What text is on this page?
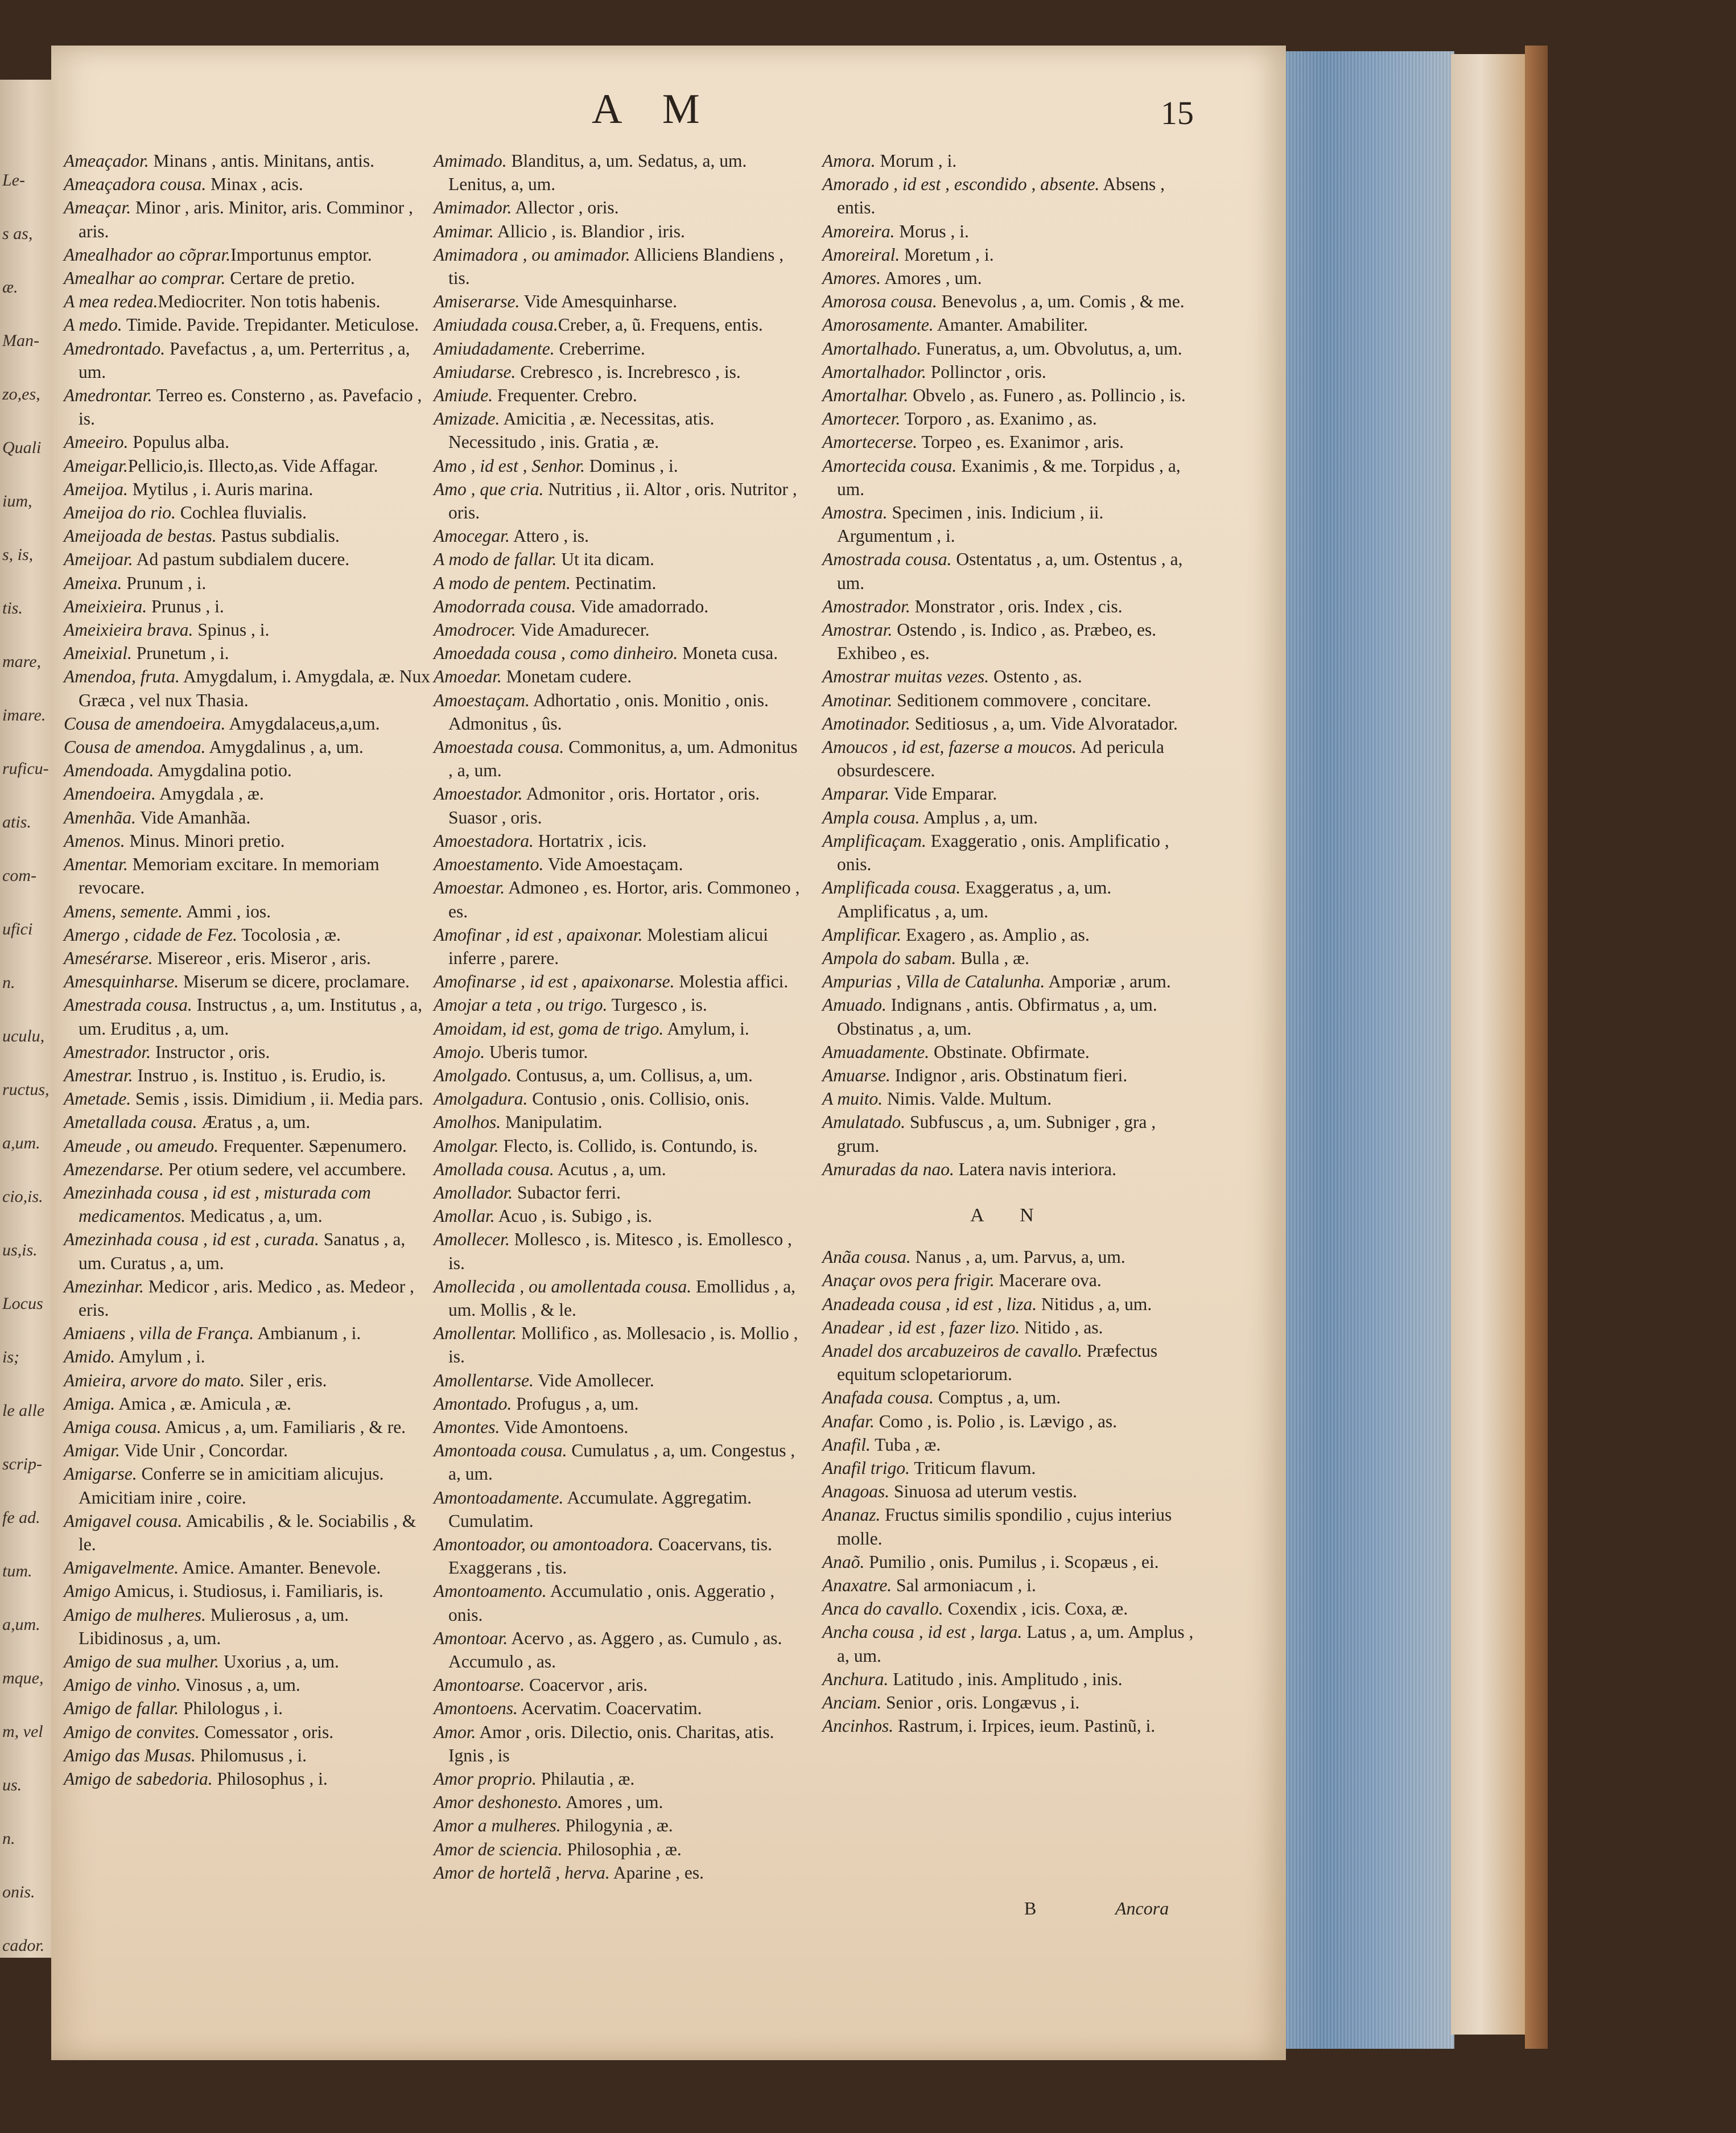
Le-
s as,
æ.
Man-
zo,es,
Quali
ium,
s, is,
tis.
mare,
imare.
ruficu-
atis.
com-
ufici
n.
uculu,
ructus,
a,um.
cio,is.
us,is.
Locus
is;
le alle
scrip-
fe ad.
tum.
a,um.
mque,
m, vel
us.
n.
onis.
cador.
A M	15

Ameaçador. Minans , antis. Minitans, antis.

Ameaçadora cousa. Minax , acis.

Ameaçar. Minor , aris. Minitor, aris. Comminor , aris.

Amealhador ao cõprar.Importunus emptor.

Amealhar ao comprar. Certare de pretio.

A mea redea.Mediocriter. Non totis habenis.

A medo. Timide. Pavide. Trepidanter. Meticulose.

Amedrontado. Pavefactus , a, um. Perterritus , a, um.

Amedrontar. Terreo es. Consterno , as. Pavefacio , is.

Ameeiro. Populus alba.

Ameigar.Pellicio,is. Illecto,as. Vide Affagar.

Ameijoa. Mytilus , i. Auris marina.

Ameijoa do rio. Cochlea fluvialis.

Ameijoada de bestas. Pastus subdialis.

Ameijoar. Ad pastum subdialem ducere.

Ameixa. Prunum , i.

Ameixieira. Prunus , i.

Ameixieira brava. Spinus , i.

Ameixial. Prunetum , i.

Amendoa, fruta. Amygdalum, i. Amygdala, æ. Nux Græca , vel nux Thasia.

Cousa de amendoeira. Amygdalaceus,a,um.

Cousa de amendoa. Amygdalinus , a, um.

Amendoada. Amygdalina potio.

Amendoeira. Amygdala , æ.

Amenhãa. Vide Amanhãa.

Amenos. Minus. Minori pretio.

Amentar. Memoriam excitare. In memoriam revocare.

Amens, semente. Ammi , ios.

Amergo , cidade de Fez. Tocolosia , æ.

Amesérarse. Misereor , eris. Miseror , aris.

Amesquinharse. Miserum se dicere, proclamare.

Amestrada cousa. Instructus , a, um. Institutus , a, um. Eruditus , a, um.

Amestrador. Instructor , oris.

Amestrar. Instruo , is. Instituo , is. Erudio, is.

Ametade. Semis , issis. Dimidium , ii. Media pars.

Ametallada cousa. Æratus , a, um.

Ameude , ou ameudo. Frequenter. Sæpenumero.

Amezendarse. Per otium sedere, vel accumbere.

Amezinhada cousa , id est , misturada com medicamentos. Medicatus , a, um.

Amezinhada cousa , id est , curada. Sanatus , a, um. Curatus , a, um.

Amezinhar. Medicor , aris. Medico , as. Medeor , eris.

Amiaens , villa de França. Ambianum , i.

Amido. Amylum , i.

Amieira, arvore do mato. Siler , eris.

Amiga. Amica , æ. Amicula , æ.

Amiga cousa. Amicus , a, um. Familiaris , & re.

Amigar. Vide Unir , Concordar.

Amigarse. Conferre se in amicitiam alicujus. Amicitiam inire , coire.

Amigavel cousa. Amicabilis , & le. Sociabilis , & le.

Amigavelmente. Amice. Amanter. Benevole.

Amigo Amicus, i. Studiosus, i. Familiaris, is.

Amigo de mulheres. Mulierosus , a, um. Libidinosus , a, um.

Amigo de sua mulher. Uxorius , a, um.

Amigo de vinho. Vinosus , a, um.

Amigo de fallar. Philologus , i.

Amigo de convites. Comessator , oris.

Amigo das Musas. Philomusus , i.

Amigo de sabedoria. Philosophus , i.

Amimado. Blanditus, a, um. Sedatus, a, um. Lenitus, a, um.

Amimador. Allector , oris.

Amimar. Allicio , is. Blandior , iris.

Amimadora , ou amimador. Alliciens Blandiens , tis.

Amiserarse. Vide Amesquinharse.

Amiudada cousa.Creber, a, ũ. Frequens, entis.

Amiudadamente. Creberrime.

Amiudarse. Crebresco , is. Increbresco , is.

Amiude. Frequenter. Crebro.

Amizade. Amicitia , æ. Necessitas, atis. Necessitudo , inis. Gratia , æ.

Amo , id est , Senhor. Dominus , i.

Amo , que cria. Nutritius , ii. Altor , oris. Nutritor , oris.

Amocegar. Attero , is.

A modo de fallar. Ut ita dicam.

A modo de pentem. Pectinatim.

Amodorrada cousa. Vide amadorrado.

Amodrocer. Vide Amadurecer.

Amoedada cousa , como dinheiro. Moneta cusa.

Amoedar. Monetam cudere.

Amoestaçam. Adhortatio , onis. Monitio , onis. Admonitus , ûs.

Amoestada cousa. Commonitus, a, um. Admonitus , a, um.

Amoestador. Admonitor , oris. Hortator , oris. Suasor , oris.

Amoestadora. Hortatrix , icis.

Amoestamento. Vide Amoestaçam.

Amoestar. Admoneo , es. Hortor, aris. Commoneo , es.

Amofinar , id est , apaixonar. Molestiam alicui inferre , parere.

Amofinarse , id est , apaixonarse. Molestia affici.

Amojar a teta , ou trigo. Turgesco , is.

Amoidam, id est, goma de trigo. Amylum, i.

Amojo. Uberis tumor.

Amolgado. Contusus, a, um. Collisus, a, um.

Amolgadura. Contusio , onis. Collisio, onis.

Amolhos. Manipulatim.

Amolgar. Flecto, is. Collido, is. Contundo, is.

Amollada cousa. Acutus , a, um.

Amollador. Subactor ferri.

Amollar. Acuo , is. Subigo , is.

Amollecer. Mollesco , is. Mitesco , is. Emollesco , is.

Amollecida , ou amollentada cousa. Emollidus , a, um. Mollis , & le.

Amollentar. Mollifico , as. Mollesacio , is. Mollio , is.

Amollentarse. Vide Amollecer.

Amontado. Profugus , a, um.

Amontes. Vide Amontoens.

Amontoada cousa. Cumulatus , a, um. Congestus , a, um.

Amontoadamente. Accumulate. Aggregatim. Cumulatim.

Amontoador, ou amontoadora. Coacervans, tis. Exaggerans , tis.

Amontoamento. Accumulatio , onis. Aggeratio , onis.

Amontoar. Acervo , as. Aggero , as. Cumulo , as. Accumulo , as.

Amontoarse. Coacervor , aris.

Amontoens. Acervatim. Coacervatim.

Amor. Amor , oris. Dilectio, onis. Charitas, atis. Ignis , is

Amor proprio. Philautia , æ.

Amor deshonesto. Amores , um.

Amor a mulheres. Philogynia , æ.

Amor de sciencia. Philosophia , æ.

Amor de hortelã , herva. Aparine , es.

Amora. Morum , i.

Amorado , id est , escondido , absente. Absens , entis.

Amoreira. Morus , i.

Amoreiral. Moretum , i.

Amores. Amores , um.

Amorosa cousa. Benevolus , a, um. Comis , & me.

Amorosamente. Amanter. Amabiliter.

Amortalhado. Funeratus, a, um. Obvolutus, a, um.

Amortalhador. Pollinctor , oris.

Amortalhar. Obvelo , as. Funero , as. Pollincio , is.

Amortecer. Torporo , as. Exanimo , as.

Amortecerse. Torpeo , es. Exanimor , aris.

Amortecida cousa. Exanimis , & me. Torpidus , a, um.

Amostra. Specimen , inis. Indicium , ii. Argumentum , i.

Amostrada cousa. Ostentatus , a, um. Ostentus , a, um.

Amostrador. Monstrator , oris. Index , cis.

Amostrar. Ostendo , is. Indico , as. Præbeo, es. Exhibeo , es.

Amostrar muitas vezes. Ostento , as.

Amotinar. Seditionem commovere , concitare.

Amotinador. Seditiosus , a, um. Vide Alvoratador.

Amoucos , id est, fazerse a moucos. Ad pericula obsurdescere.

Amparar. Vide Emparar.

Ampla cousa. Amplus , a, um.

Amplificaçam. Exaggeratio , onis. Amplificatio , onis.

Amplificada cousa. Exaggeratus , a, um. Amplificatus , a, um.

Amplificar. Exagero , as. Amplio , as.

Ampola do sabam. Bulla , æ.

Ampurias , Villa de Catalunha. Amporiæ , arum.

Amuado. Indignans , antis. Obfirmatus , a, um. Obstinatus , a, um.

Amuadamente. Obstinate. Obfirmate.

Amuarse. Indignor , aris. Obstinatum fieri.

A muito. Nimis. Valde. Multum.

Amulatado. Subfuscus , a, um. Subniger , gra , grum.

Amuradas da nao. Latera navis interiora.

A N

Anãa cousa. Nanus , a, um. Parvus, a, um.

Anaçar ovos pera frigir. Macerare ova.

Anadeada cousa , id est , liza. Nitidus , a, um.

Anadear , id est , fazer lizo. Nitido , as.

Anadel dos arcabuzeiros de cavallo. Præfectus equitum sclopetariorum.

Anafada cousa. Comptus , a, um.

Anafar. Como , is. Polio , is. Lævigo , as.

Anafil. Tuba , æ.

Anafil trigo. Triticum flavum.

Anagoas. Sinuosa ad uterum vestis.

Ananaz. Fructus similis spondilio , cujus interius molle.

Anaõ. Pumilio , onis. Pumilus , i. Scopæus , ei.

Anaxatre. Sal armoniacum , i.

Anca do cavallo. Coxendix , icis. Coxa, æ.

Ancha cousa , id est , larga. Latus , a, um. Amplus , a, um.

Anchura. Latitudo , inis. Amplitudo , inis.

Anciam. Senior , oris. Longævus , i.

Ancinhos. Rastrum, i. Irpices, ieum. Pastinũ, i.

B	Ancora
